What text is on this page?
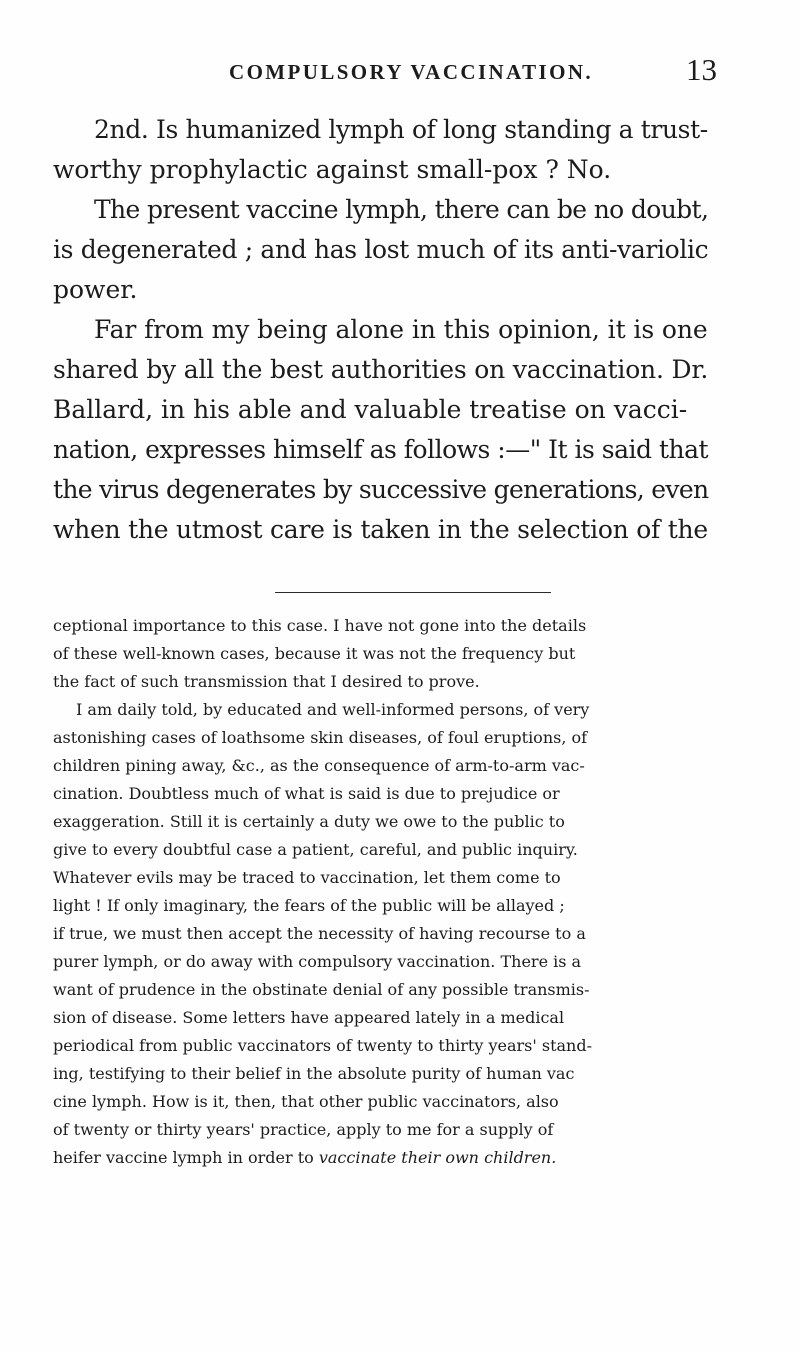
COMPULSORY VACCINATION.	13
2nd. Is humanized lymph of long standing a trust-
worthy prophylactic against small-pox ? No.
The present vaccine lymph, there can be no doubt,
is degenerated ; and has lost much of its anti-variolic
power.
Far from my being alone in this opinion, it is one
shared by all the best authorities on vaccination. Dr.
Ballard, in his able and valuable treatise on vacci-
nation, expresses himself as follows :—" It is said that
the virus degenerates by successive generations, even
when the utmost care is taken in the selection of the
ceptional importance to this case. I have not gone into the details
of these well-known cases, because it was not the frequency but
the fact of such transmission that I desired to prove.
I am daily told, by educated and well-informed persons, of very
astonishing cases of loathsome skin diseases, of foul eruptions, of
children pining away, &c., as the consequence of arm-to-arm vac-
cination. Doubtless much of what is said is due to prejudice or
exaggeration. Still it is certainly a duty we owe to the public to
give to every doubtful case a patient, careful, and public inquiry.
Whatever evils may be traced to vaccination, let them come to
light ! If only imaginary, the fears of the public will be allayed ;
if true, we must then accept the necessity of having recourse to a
purer lymph, or do away with compulsory vaccination. There is a
want of prudence in the obstinate denial of any possible transmis-
sion of disease. Some letters have appeared lately in a medical
periodical from public vaccinators of twenty to thirty years' stand-
ing, testifying to their belief in the absolute purity of human vac
cine lymph. How is it, then, that other public vaccinators, also
of twenty or thirty years' practice, apply to me for a supply of
heifer vaccine lymph in order to vaccinate their own children.
